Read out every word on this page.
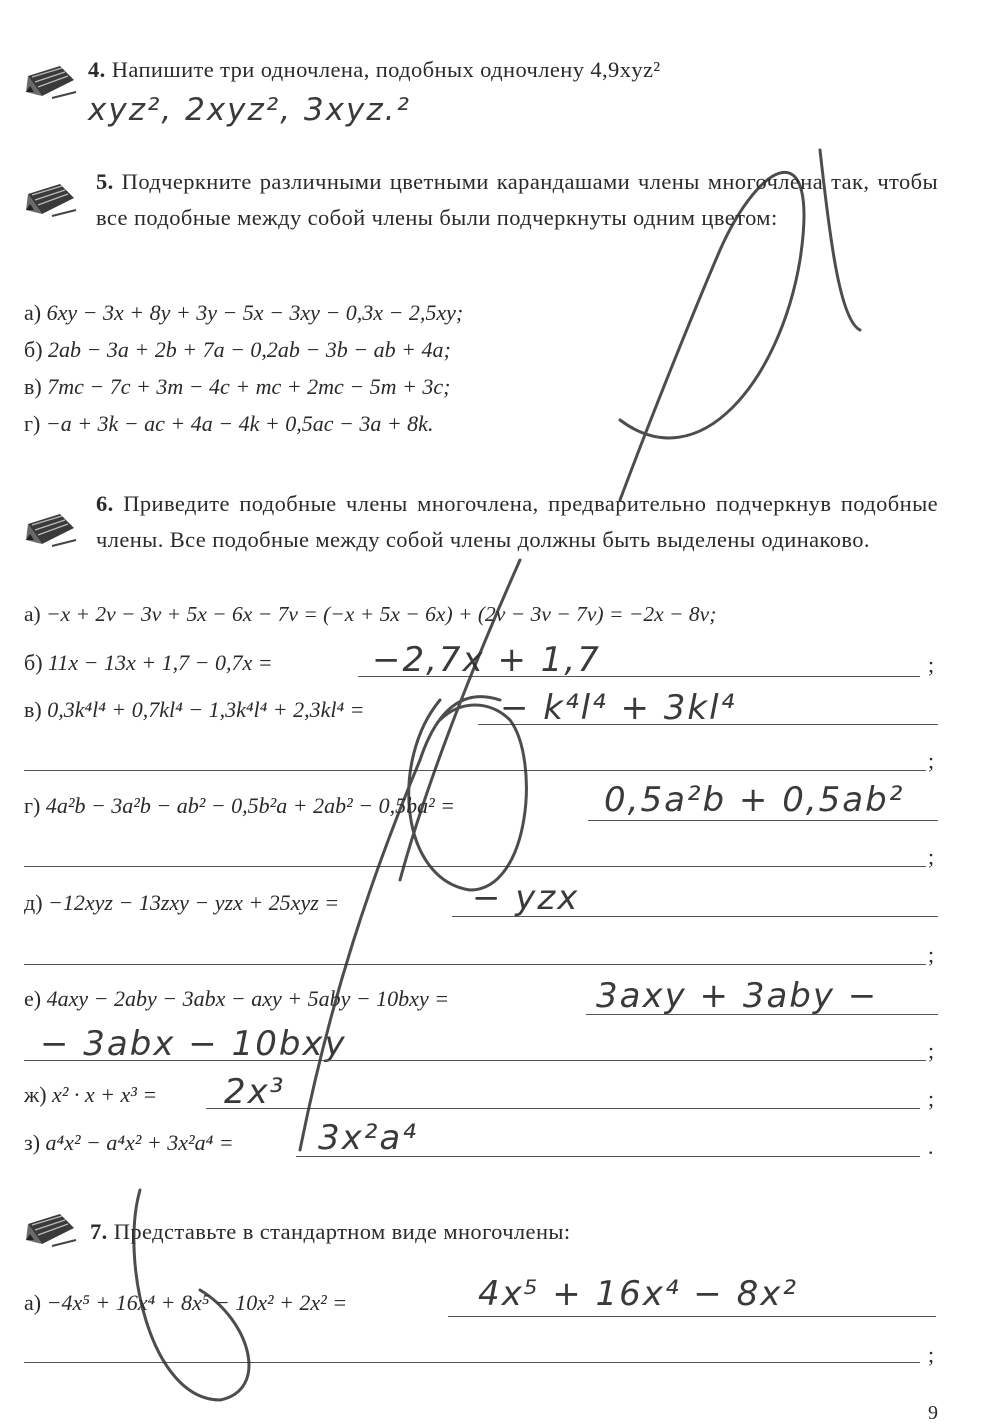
4. Напишите три одночлена, подобных одночлену 4,9xyz²
xyz², 2xyz², 3xyz.²
5. Подчеркните различными цветными карандашами члены многочлена так, чтобы все подобные между собой члены были подчеркнуты одним цветом:
а) 6xy − 3x + 8y + 3y − 5x − 3xy − 0,3x − 2,5xy;
б) 2ab − 3a + 2b + 7a − 0,2ab − 3b − ab + 4a;
в) 7mc − 7c + 3m − 4c + mc + 2mc − 5m + 3c;
г) −a + 3k − ac + 4a − 4k + 0,5ac − 3a + 8k.
6. Приведите подобные члены многочлена, предварительно подчеркнув подобные члены. Все подобные между собой члены должны быть выделены одинаково.
а) −x + 2v − 3v + 5x − 6x − 7v = (−x + 5x − 6x) + (2v − 3v − 7v) = −2x − 8v;
б) 11x − 13x + 1,7 − 0,7x =	−2,7x + 1,7	;
в) 0,3k⁴l⁴ + 0,7kl⁴ − 1,3k⁴l⁴ + 2,3kl⁴ =	− k⁴l⁴ + 3kl⁴
;
г) 4a²b − 3a²b − ab² − 0,5b²a + 2ab² − 0,5ba² =	0,5a²b + 0,5ab²
;
д) −12xyz − 13zxy − yzx + 25xyz =	− yzx
;
е) 4axy − 2aby − 3abx − axy + 5aby − 10bxy =	3axy + 3aby −
− 3abx − 10bxy	;
ж) x² · x + x³ = 2x³	;
з) a⁴x² − a⁴x² + 3x²a⁴ = 3x²a⁴	.
7. Представьте в стандартном виде многочлены:
а) −4x⁵ + 16x⁴ + 8x⁵ − 10x² + 2x² =	4x⁵ + 16x⁴ − 8x²
;
9
